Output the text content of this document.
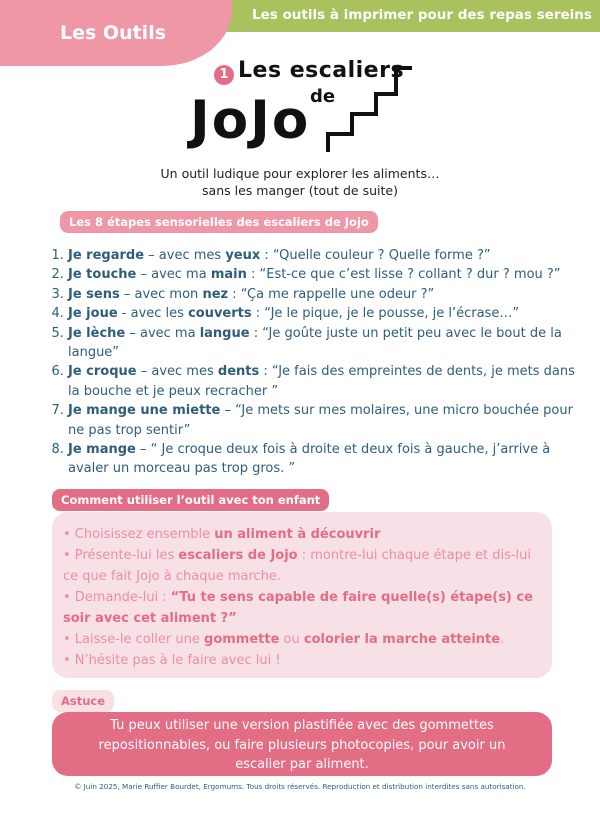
Les outils à imprimer pour des repas sereins
Les Outils
1 Les escaliers
de
JoJo
Un outil ludique pour explorer les aliments…
sans les manger (tout de suite)
Les 8 étapes sensorielles des escaliers de Jojo
1. Je regarde – avec mes yeux : “Quelle couleur ? Quelle forme ?”
2. Je touche – avec ma main : “Est-ce que c’est lisse ? collant ? dur ? mou ?”
3. Je sens – avec mon nez : “Ça me rappelle une odeur ?”
4. Je joue - avec les couverts : “Je le pique, je le pousse, je l’écrase…”
5. Je lèche – avec ma langue : “Je goûte juste un petit peu avec le bout de la langue”
6. Je croque – avec mes dents : “Je fais des empreintes de dents, je mets dans la bouche et je peux recracher ”
7. Je mange une miette – “Je mets sur mes molaires, une micro bouchée pour ne pas trop sentir”
8. Je mange – “ Je croque deux fois à droite et deux fois à gauche, j’arrive à avaler un morceau pas trop gros. ”
Comment utiliser l’outil avec ton enfant
• Choisissez ensemble un aliment à découvrir
• Présente-lui les escaliers de Jojo : montre-lui chaque étape et dis-lui ce que fait Jojo à chaque marche.
• Demande-lui : “Tu te sens capable de faire quelle(s) étape(s) ce soir avec cet aliment ?”
• Laisse-le coller une gommette ou colorier la marche atteinte.
• N’hésite pas à le faire avec lui !
Astuce
Tu peux utiliser une version plastifiée avec des gommettes repositionnables, ou faire plusieurs photocopies, pour avoir un escalier par aliment.
© Juin 2025, Marie Ruffier Bourdet, Ergomums. Tous droits réservés. Reproduction et distribution interdites sans autorisation.
